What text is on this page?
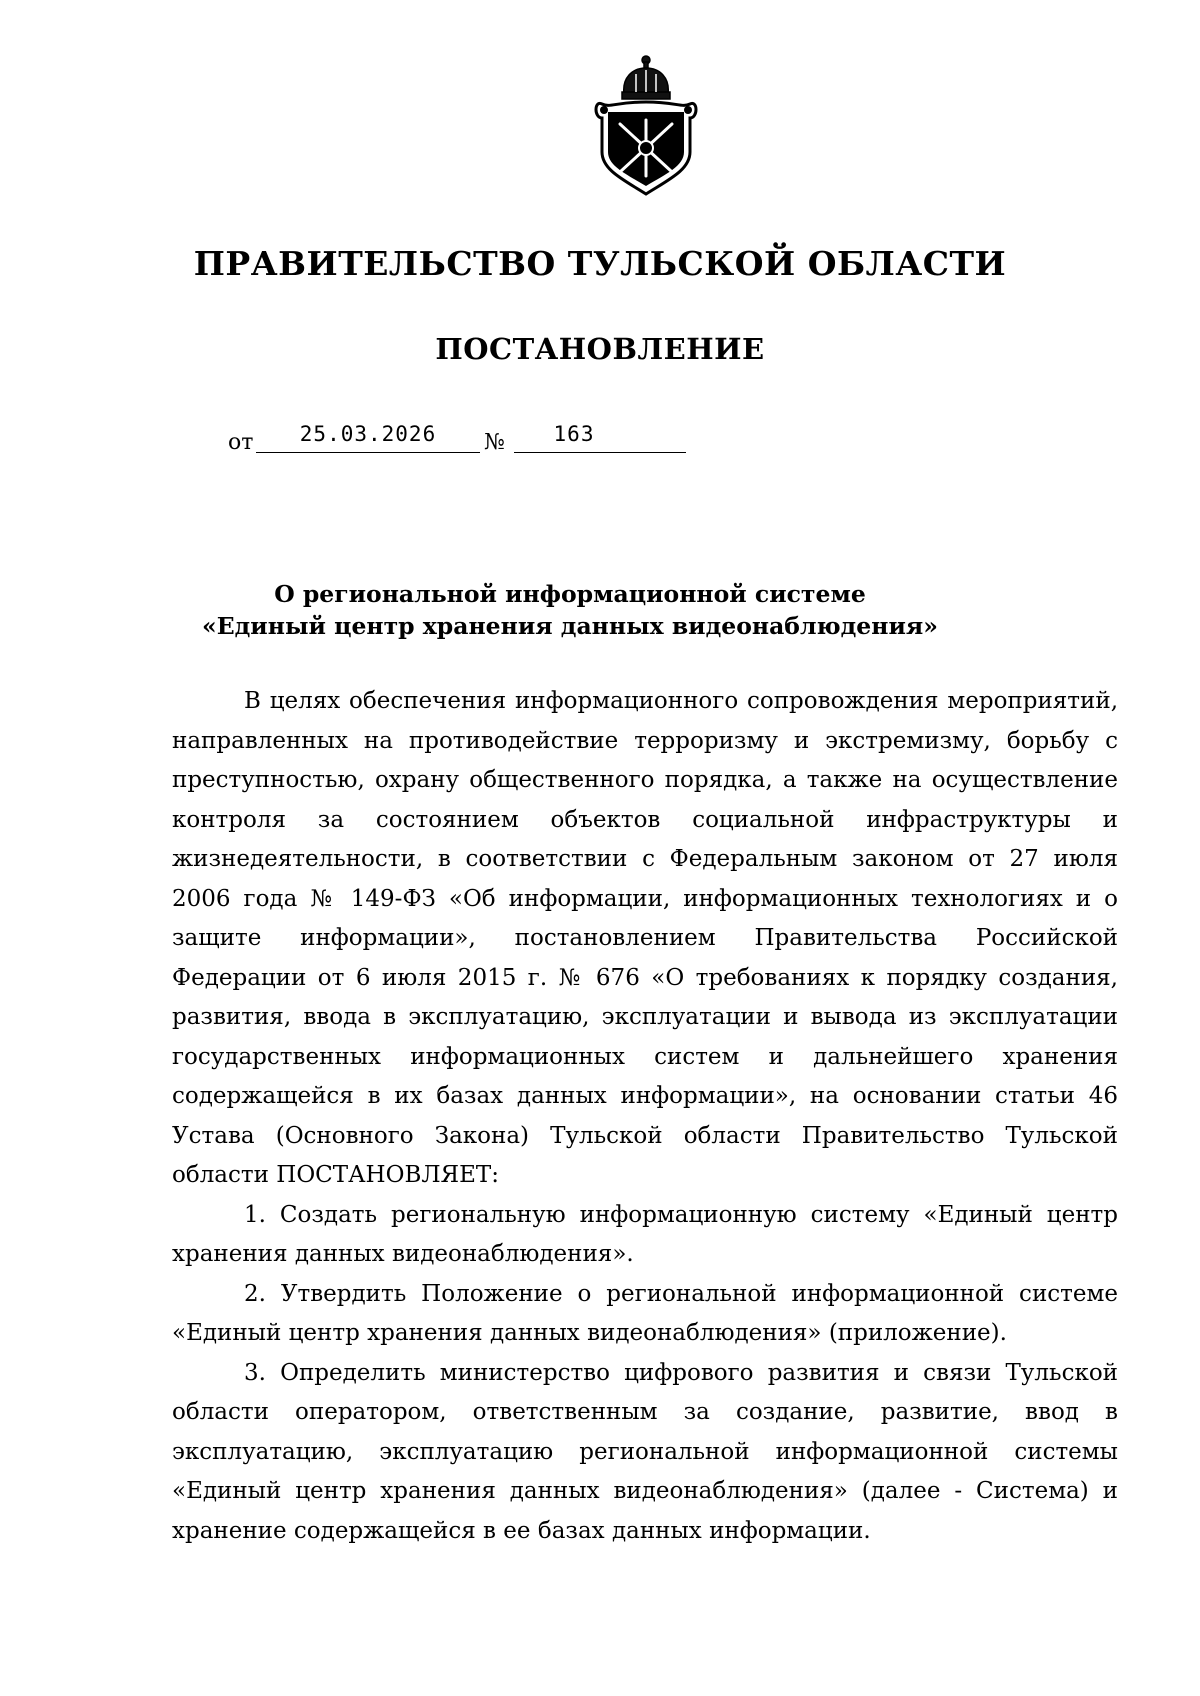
ПРАВИТЕЛЬСТВО ТУЛЬСКОЙ ОБЛАСТИ
ПОСТАНОВЛЕНИЕ
от	25.03.2026	№	163
О региональной информационной системе
«Единый центр хранения данных видеонаблюдения»

В целях обеспечения информационного сопровождения мероприятий, направленных на противодействие терроризму и экстремизму, борьбу с преступностью, охрану общественного порядка, а также на осуществление контроля за состоянием объектов социальной инфраструктуры и жизнедеятельности, в соответствии с Федеральным законом от 27 июля 2006 года № 149-ФЗ «Об информации, информационных технологиях и о защите информации», постановлением Правительства Российской Федерации от 6 июля 2015 г. № 676 «О требованиях к порядку создания, развития, ввода в эксплуатацию, эксплуатации и вывода из эксплуатации государственных информационных систем и дальнейшего хранения содержащейся в их базах данных информации», на основании статьи 46 Устава (Основного Закона) Тульской области Правительство Тульской области ПОСТАНОВЛЯЕТ:

1. Создать региональную информационную систему «Единый центр хранения данных видеонаблюдения».

2. Утвердить Положение о региональной информационной системе «Единый центр хранения данных видеонаблюдения» (приложение).

3. Определить министерство цифрового развития и связи Тульской области оператором, ответственным за создание, развитие, ввод в эксплуатацию, эксплуатацию региональной информационной системы «Единый центр хранения данных видеонаблюдения» (далее - Система) и хранение содержащейся в ее базах данных информации.
